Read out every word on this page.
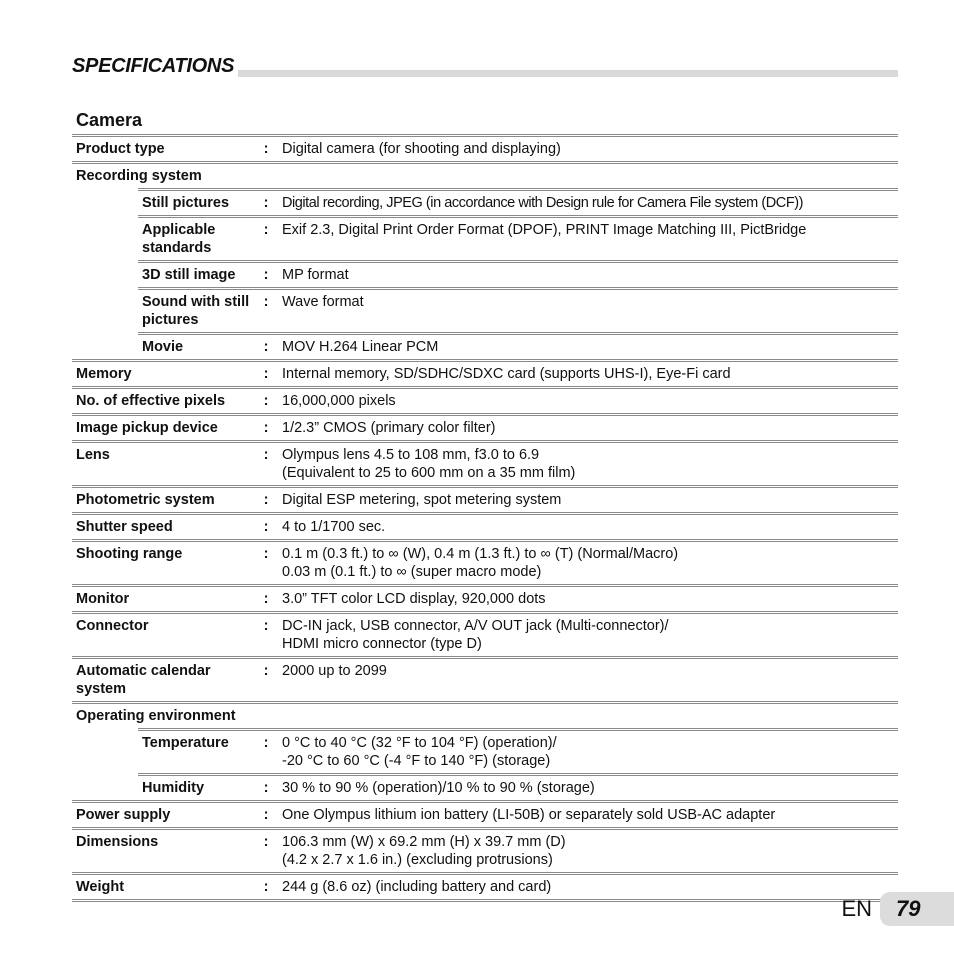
SPECIFICATIONS
Camera
Product type	: Digital camera (for shooting and displaying)
Recording system
Still pictures	: Digital recording, JPEG (in accordance with Design rule for Camera File system (DCF))
Applicable
standards
: Exif 2.3, Digital Print Order Format (DPOF), PRINT Image Matching III, PictBridge
3D still image	: MP format
Sound with still
pictures
: Wave format
Movie	: MOV H.264 Linear PCM
Memory	: Internal memory, SD/SDHC/SDXC card (supports UHS-I), Eye-Fi card
No. of effective pixels	: 16,000,000 pixels
Image pickup device	: 1/2.3” CMOS (primary color filter)
Lens	: Olympus lens 4.5 to 108 mm, f3.0 to 6.9
(Equivalent to 25 to 600 mm on a 35 mm film)
Photometric system	: Digital ESP metering, spot metering system
Shutter speed	: 4 to 1/1700 sec.
Shooting range	: 0.1 m (0.3 ft.) to ∞ (W), 0.4 m (1.3 ft.) to ∞ (T) (Normal/Macro)
0.03 m (0.1 ft.) to ∞ (super macro mode)
Monitor	: 3.0” TFT color LCD display, 920,000 dots
Connector	: DC-IN jack, USB connector, A/V OUT jack (Multi-connector)/
HDMI micro connector (type D)
Automatic calendar
system
: 2000 up to 2099
Operating environment
Temperature	: 0 °C to 40 °C (32 °F to 104 °F) (operation)/
-20 °C to 60 °C (-4 °F to 140 °F) (storage)
Humidity	: 30 % to 90 % (operation)/10 % to 90 % (storage)
Power supply	: One Olympus lithium ion battery (LI-50B) or separately sold USB-AC adapter
Dimensions	: 106.3 mm (W) x 69.2 mm (H) x 39.7 mm (D)
(4.2 x 2.7 x 1.6 in.) (excluding protrusions)
Weight	: 244 g (8.6 oz) (including battery and card)
EN	79
